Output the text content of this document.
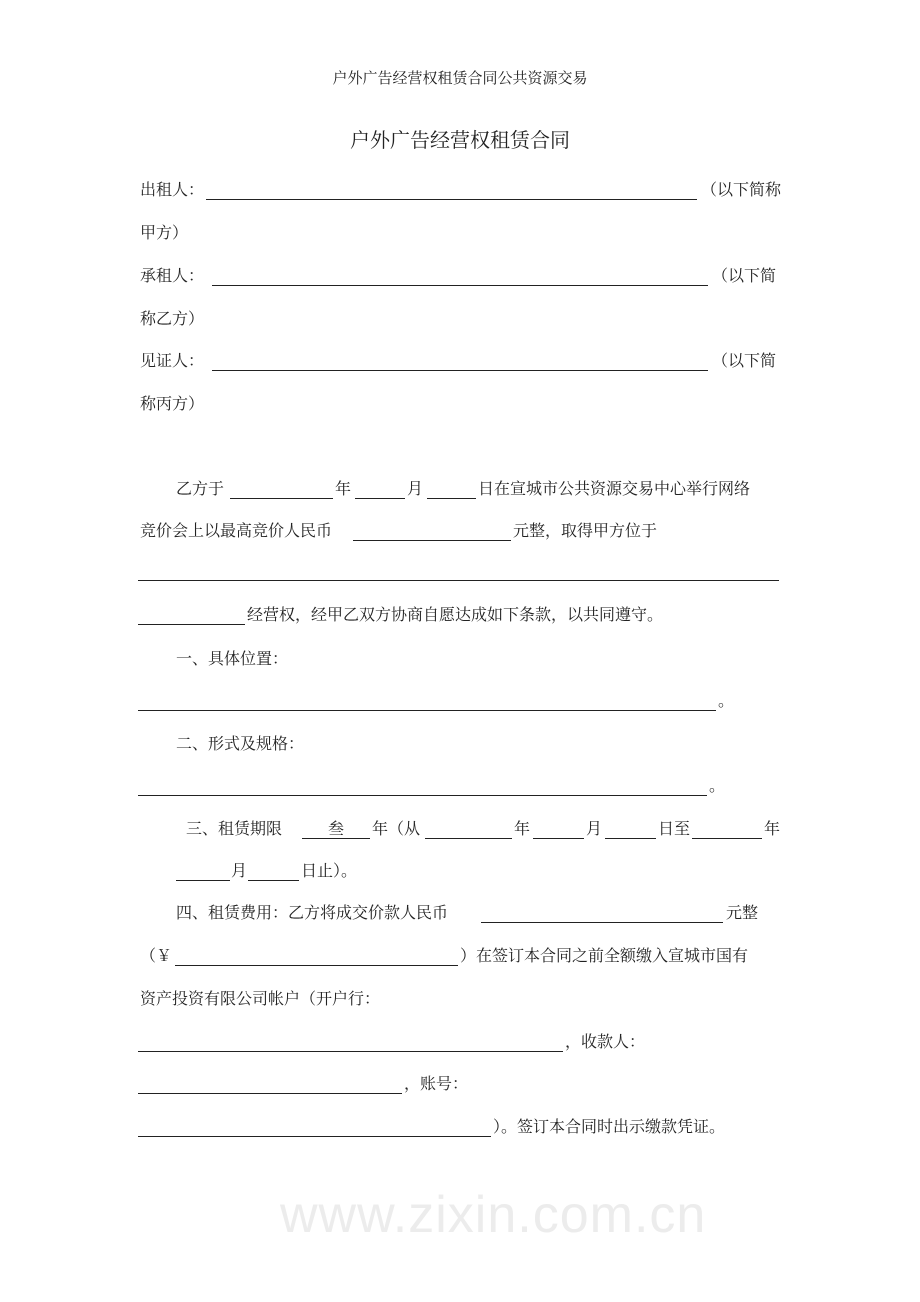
www.zixin.com.cn
户外广告经营权租赁合同公共资源交易
户外广告经营权租赁合同
出租人：	（以下简称
甲方）
承租人：	（以下简
称乙方）
见证人：	（以下简
称丙方）
乙方于	年	月	日在宣城市公共资源交易中心举行网络
竞价会上以最高竞价人民币	元整，取得甲方位于
经营权，经甲乙双方协商自愿达成如下条款，以共同遵守。
一、具体位置：
。
二、形式及规格：
。
三、租赁期限	叁	年（从	年	月	日至	年
月	日止）。
四、租赁费用：乙方将成交价款人民币	元整
（￥	）在签订本合同之前全额缴入宣城市国有
资产投资有限公司帐户（开户行：
，收款人：
，账号：
）。签订本合同时出示缴款凭证。
